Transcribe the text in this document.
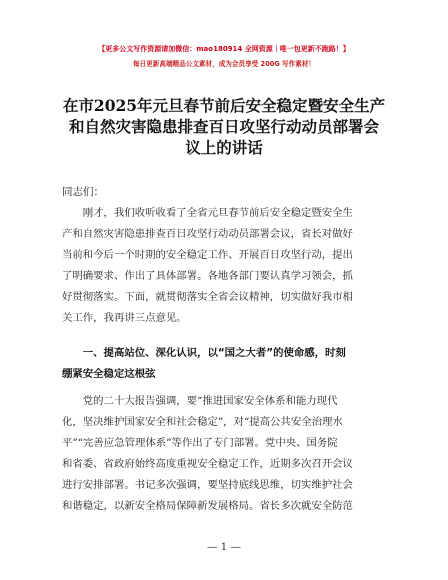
【更多公文写作资源请加微信：mao180914 全网资源｜唯一包更新不跑路！】
每日更新高端精品公文素材，成为会员享受 200G 写作素材！
在市2025年元旦春节前后安全稳定暨安全生产
和自然灾害隐患排查百日攻坚行动动员部署会
议上的讲话
同志们：
　　刚才，我们收听收看了全省元旦春节前后安全稳定暨安全生
产和自然灾害隐患排查百日攻坚行动动员部署会议，省长对做好
当前和今后一个时期的安全稳定工作、开展百日攻坚行动，提出
了明确要求、作出了具体部署。各地各部门要认真学习领会，抓
好贯彻落实。下面，就贯彻落实全省会议精神，切实做好我市相
关工作，我再讲三点意见。
　　一、提高站位、深化认识，以“国之大者”的使命感，时刻
绷紧安全稳定这根弦
　　党的二十大报告强调，要“推进国家安全体系和能力现代
化，坚决维护国家安全和社会稳定”，对“提高公共安全治理水
平”“完善应急管理体系”等作出了专门部署。党中央、国务院
和省委、省政府始终高度重视安全稳定工作，近期多次召开会议
进行安排部署。书记多次强调，要坚持底线思维，切实维护社会
和谐稳定，以新安全格局保障新发展格局。省长多次就安全防范
— 1 —
